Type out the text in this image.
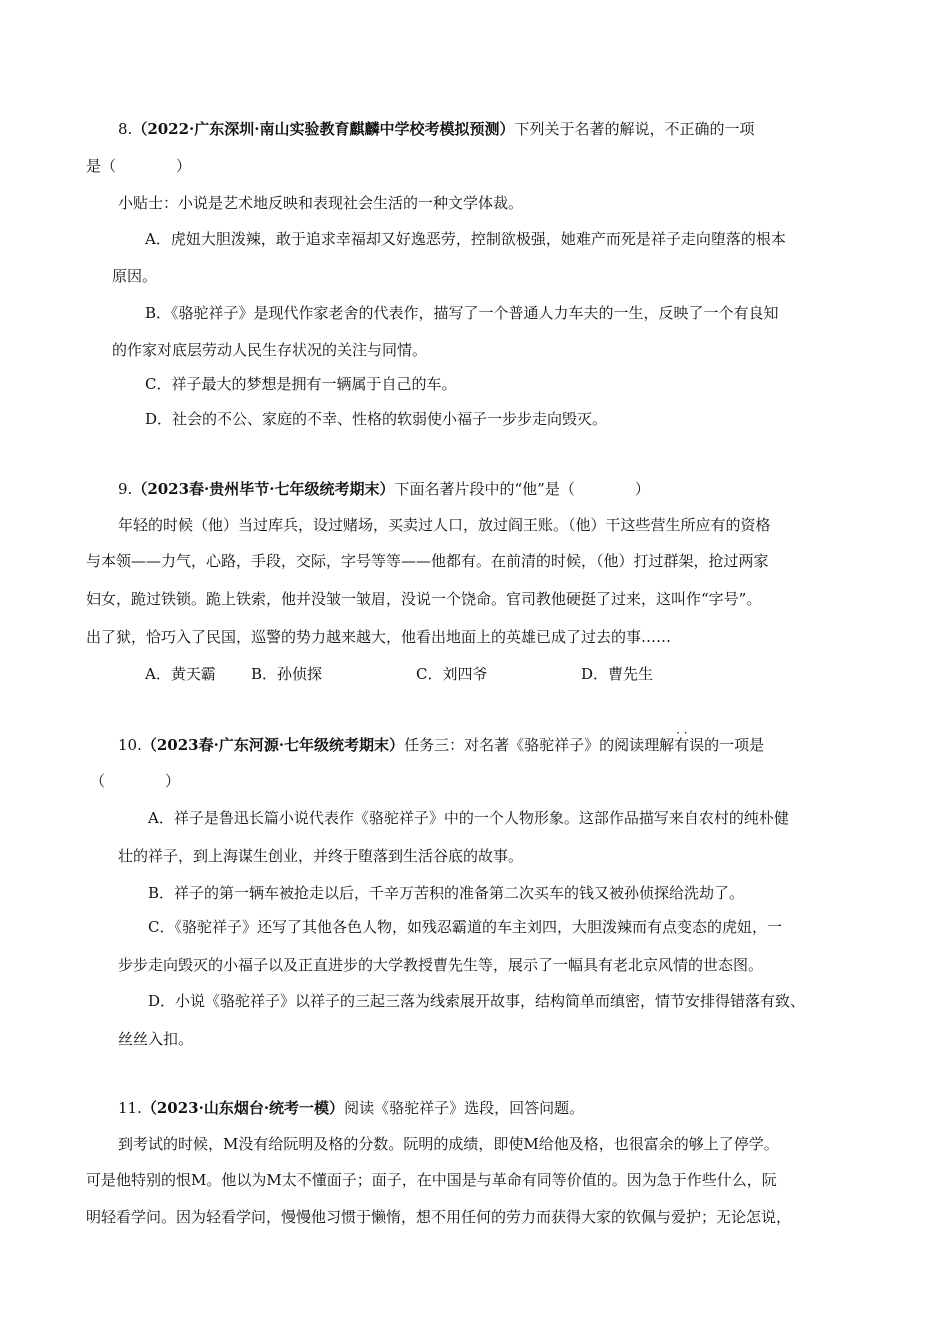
8.（2022·广东深圳·南山实验教育麒麟中学校考模拟预测）下列关于名著的解说，不正确的一项
是（　　　　）
小贴士：小说是艺术地反映和表现社会生活的一种文学体裁。
A．虎妞大胆泼辣，敢于追求幸福却又好逸恶劳，控制欲极强，她难产而死是祥子走向堕落的根本
原因。
B．《骆驼祥子》是现代作家老舍的代表作，描写了一个普通人力车夫的一生，反映了一个有良知
的作家对底层劳动人民生存状况的关注与同情。
C．祥子最大的梦想是拥有一辆属于自己的车。
D．社会的不公、家庭的不幸、性格的软弱使小福子一步步走向毁灭。
9.（2023春·贵州毕节·七年级统考期末）下面名著片段中的“他”是（　　　　）
年轻的时候（他）当过库兵，设过赌场，买卖过人口，放过阎王账。（他）干这些营生所应有的资格
与本领——力气，心路，手段，交际，字号等等——他都有。在前清的时候，（他）打过群架，抢过两家
妇女，跪过铁锁。跪上铁索，他并没皱一皱眉，没说一个饶命。官司教他硬挺了过来，这叫作“字号”。
出了狱，恰巧入了民国，巡警的势力越来越大，他看出地面上的英雄已成了过去的事……
A．黄天霸 B．孙侦探	C．刘四爷	D．曹先生
10.（2023春·广东河源·七年级统考期末）任务三：对名著《骆驼祥子》的阅读理解· · 有误的一项是
（　　　　）
A．祥子是鲁迅长篇小说代表作《骆驼祥子》中的一个人物形象。这部作品描写来自农村的纯朴健
壮的祥子，到上海谋生创业，并终于堕落到生活谷底的故事。
B．祥子的第一辆车被抢走以后，千辛万苦积的准备第二次买车的钱又被孙侦探给洗劫了。
C．《骆驼祥子》还写了其他各色人物，如残忍霸道的车主刘四，大胆泼辣而有点变态的虎妞，一
步步走向毁灭的小福子以及正直进步的大学教授曹先生等，展示了一幅具有老北京风情的世态图。
D．小说《骆驼祥子》以祥子的三起三落为线索展开故事，结构简单而缜密，情节安排得错落有致、
丝丝入扣。
11.（2023·山东烟台·统考一模）阅读《骆驼祥子》选段，回答问题。
到考试的时候，M没有给阮明及格的分数。阮明的成绩，即使M给他及格，也很富余的够上了停学。
可是他特别的恨M。他以为M太不懂面子；面子，在中国是与革命有同等价值的。因为急于作些什么，阮
明轻看学问。因为轻看学问，慢慢他习惯于懒惰，想不用任何的劳力而获得大家的钦佩与爱护；无论怎说，
